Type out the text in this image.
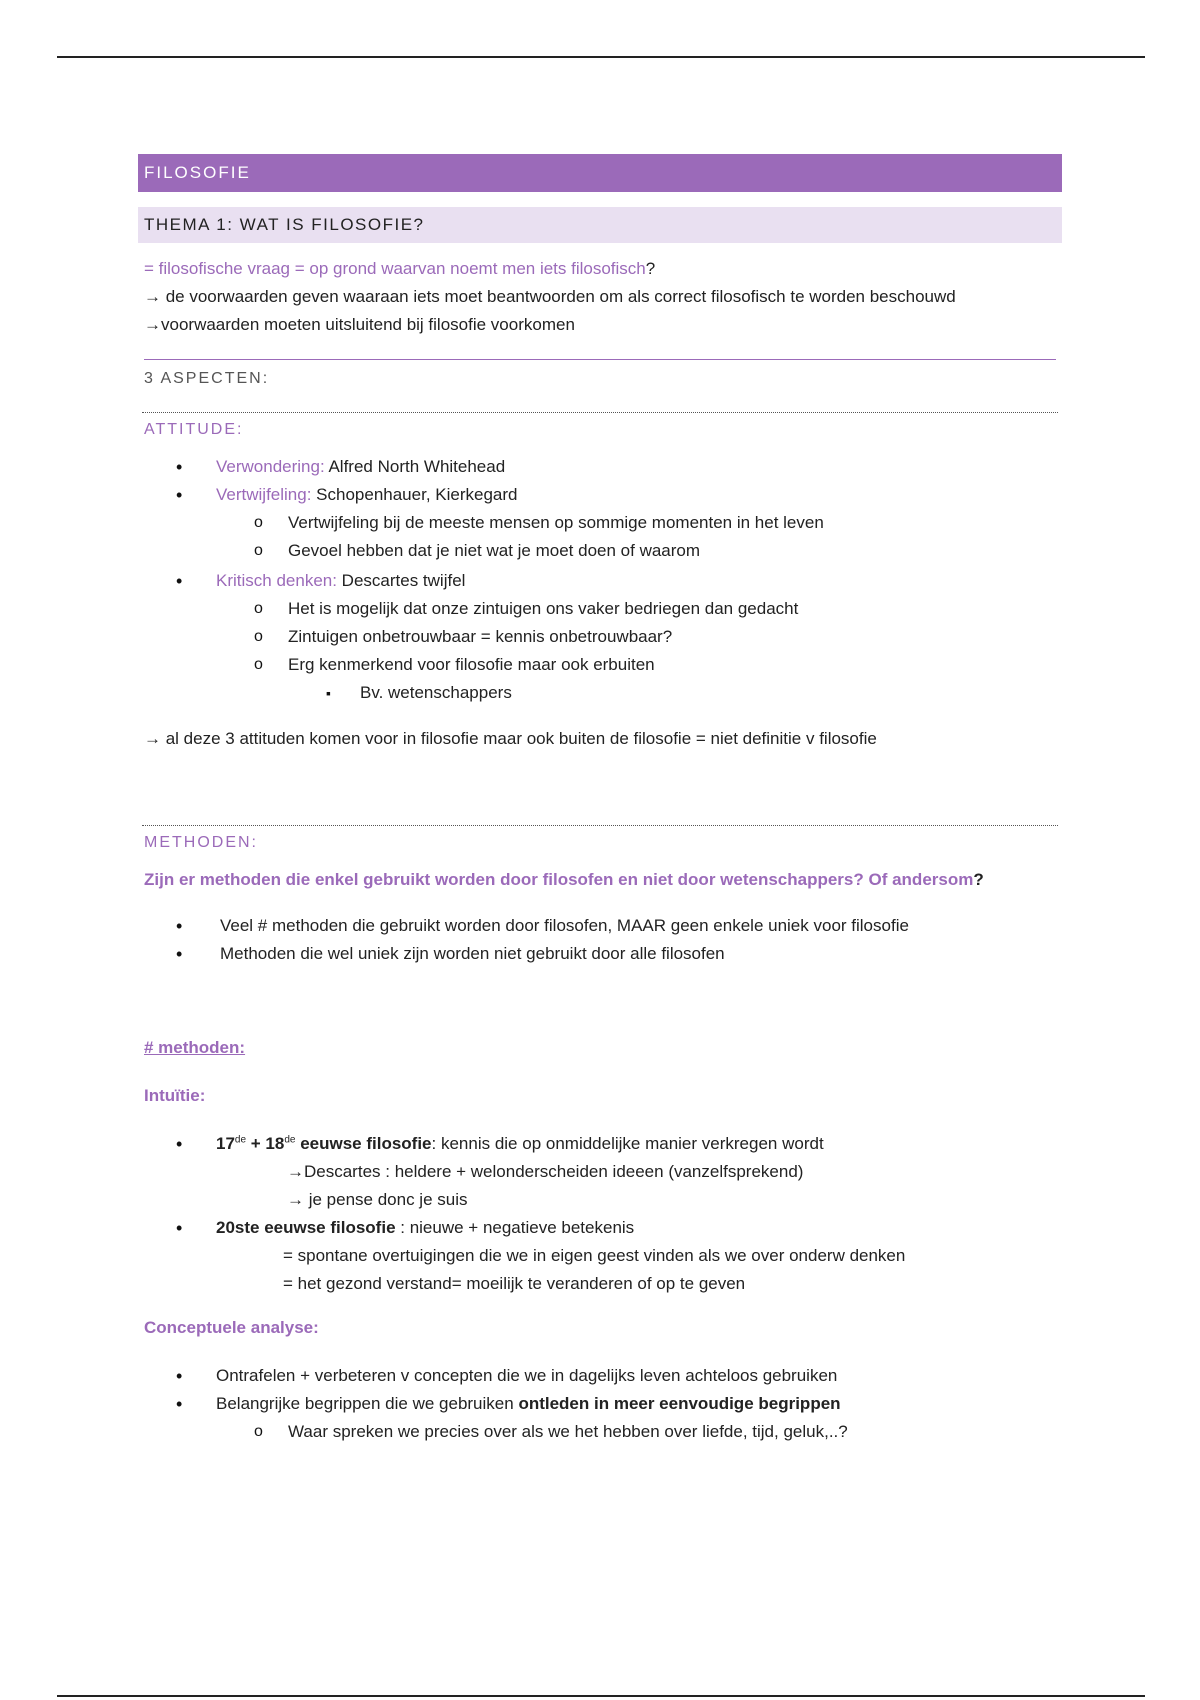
FILOSOFIE
THEMA 1: WAT IS FILOSOFIE?

= filosofische vraag = op grond waarvan noemt men iets filosofisch?

→ de voorwaarden geven waaraan iets moet beantwoorden om als correct filosofisch te worden beschouwd

→voorwaarden moeten uitsluitend bij filosofie voorkomen

3 ASPECTEN:
ATTITUDE:
• Verwondering: Alfred North Whitehead
• Vertwijfeling: Schopenhauer, Kierkegard
o Vertwijfeling bij de meeste mensen op sommige momenten in het leven
o Gevoel hebben dat je niet wat je moet doen of waarom
• Kritisch denken: Descartes twijfel
o Het is mogelijk dat onze zintuigen ons vaker bedriegen dan gedacht
o Zintuigen onbetrouwbaar = kennis onbetrouwbaar?
o Erg kenmerkend voor filosofie maar ook erbuiten
▪ Bv. wetenschappers

→ al deze 3 attituden komen voor in filosofie maar ook buiten de filosofie = niet definitie v filosofie

METHODEN:

Zijn er methoden die enkel gebruikt worden door filosofen en niet door wetenschappers? Of andersom?

• Veel # methoden die gebruikt worden door filosofen, MAAR geen enkele uniek voor filosofie
• Methoden die wel uniek zijn worden niet gebruikt door alle filosofen

# methoden:

Intuïtie:

• 17de + 18de eeuwse filosofie: kennis die op onmiddelijke manier verkregen wordt
→Descartes : heldere + welonderscheiden ideeen (vanzelfsprekend)
→ je pense donc je suis
• 20ste eeuwse filosofie : nieuwe + negatieve betekenis
= spontane overtuigingen die we in eigen geest vinden als we over onderw denken
= het gezond verstand= moeilijk te veranderen of op te geven

Conceptuele analyse:

• Ontrafelen + verbeteren v concepten die we in dagelijks leven achteloos gebruiken
• Belangrijke begrippen die we gebruiken ontleden in meer eenvoudige begrippen
o Waar spreken we precies over als we het hebben over liefde, tijd, geluk,..?
